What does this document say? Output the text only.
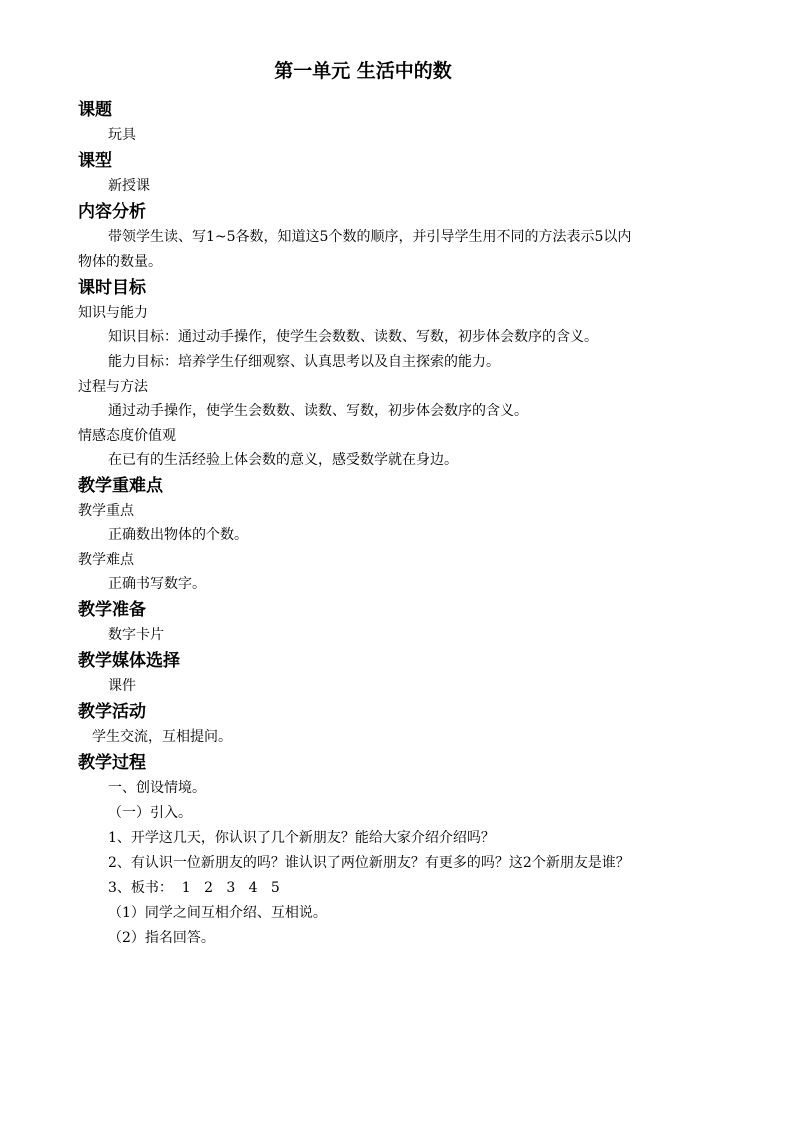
第一单元 生活中的数

课题

玩具

课型

新授课

内容分析

带领学生读、写1~5各数，知道这5个数的顺序，并引导学生用不同的方法表示5以内物体的数量。

课时目标

知识与能力

知识目标：通过动手操作，使学生会数数、读数、写数，初步体会数序的含义。

能力目标：培养学生仔细观察、认真思考以及自主探索的能力。

过程与方法

通过动手操作，使学生会数数、读数、写数，初步体会数序的含义。

情感态度价值观

在已有的生活经验上体会数的意义，感受数学就在身边。

教学重难点

教学重点

正确数出物体的个数。

教学难点

正确书写数字。

教学准备

数字卡片

教学媒体选择

课件

教学活动

学生交流，互相提问。

教学过程

一、创设情境。

（一）引入。

1、开学这几天，你认识了几个新朋友？能给大家介绍介绍吗？

2、有认识一位新朋友的吗？谁认识了两位新朋友？有更多的吗？这2个新朋友是谁？

3、板书：  1   2   3   4   5

（1）同学之间互相介绍、互相说。

（2）指名回答。
